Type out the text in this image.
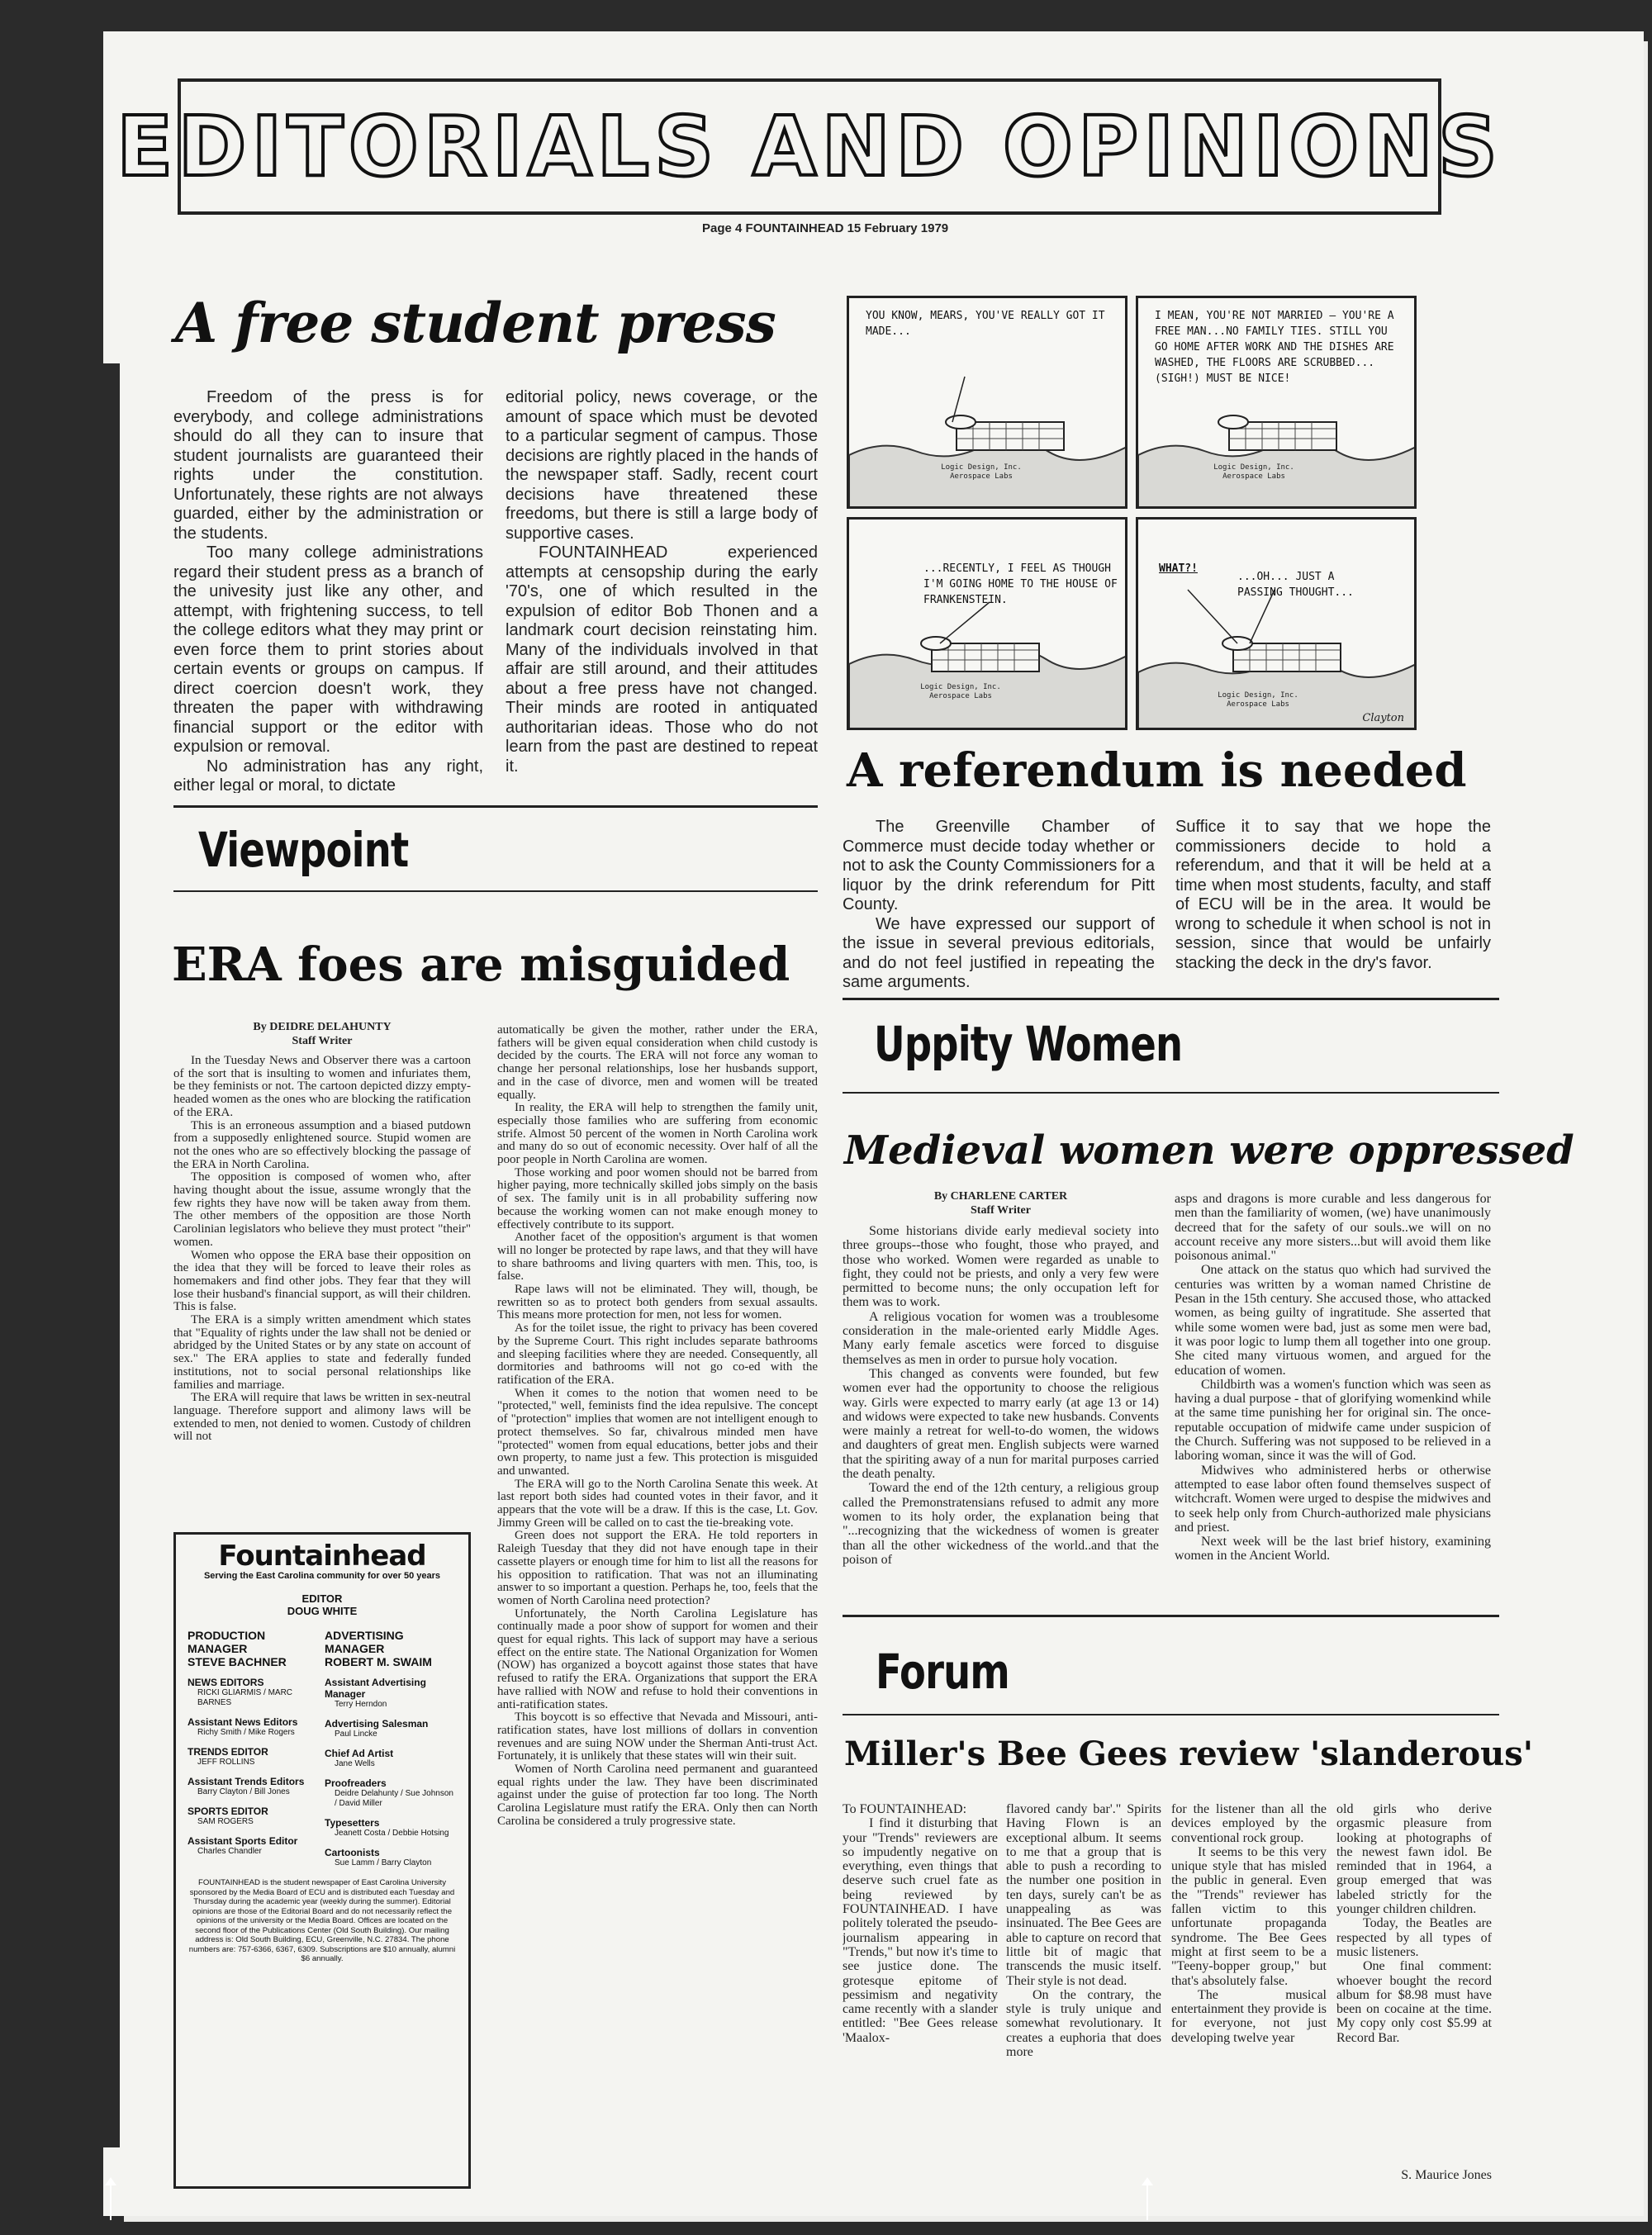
EDITORIALS AND OPINIONS
Page 4 FOUNTAINHEAD 15 February 1979
A free student press

Freedom of the press is for everybody, and college administrations should do all they can to insure that student journalists are guaranteed their rights under the constitution. Unfortunately, these rights are not always guarded, either by the administration or the students.

Too many college administrations regard their student press as a branch of the univesity just like any other, and attempt, with frightening success, to tell the college editors what they may print or even force them to print stories about certain events or groups on campus. If direct coercion doesn't work, they threaten the paper with withdrawing financial support or the editor with expulsion or removal.

No administration has any right, either legal or moral, to dictate

editorial policy, news coverage, or the amount of space which must be devoted to a particular segment of campus. Those decisions are rightly placed in the hands of the newspaper staff. Sadly, recent court decisions have threatened these freedoms, but there is still a large body of supportive cases.

FOUNTAINHEAD experienced attempts at censopship during the early '70's, one of which resulted in the expulsion of editor Bob Thonen and a landmark court decision reinstating him. Many of the individuals involved in that affair are still around, and their attitudes about a free press have not changed. Their minds are rooted in antiquated authoritarian ideas. Those who do not learn from the past are destined to repeat it.

YOU KNOW, MEARS, YOU'VE REALLY GOT IT MADE...
Logic Design, Inc. Aerospace Labs
I MEAN, YOU'RE NOT MARRIED — YOU'RE A FREE MAN...NO FAMILY TIES. STILL YOU GO HOME AFTER WORK AND THE DISHES ARE WASHED, THE FLOORS ARE SCRUBBED...(SIGH!) MUST BE NICE!
Logic Design, Inc. Aerospace Labs
...RECENTLY, I FEEL AS THOUGH I'M GOING HOME TO THE HOUSE OF FRANKENSTEIN.
Logic Design, Inc. Aerospace Labs
WHAT?!
...OH... JUST A PASSING THOUGHT...
Logic Design, Inc. Aerospace Labs
Clayton
A referendum is needed

The Greenville Chamber of Commerce must decide today whether or not to ask the County Commissioners for a liquor by the drink referendum for Pitt County.

We have expressed our support of the issue in several previous editorials, and do not feel justified in repeating the same arguments.

Suffice it to say that we hope the commissioners decide to hold a referendum, and that it will be held at a time when most students, faculty, and staff of ECU will be in the area. It would be wrong to schedule it when school is not in session, since that would be unfairly stacking the deck in the dry's favor.

Viewpoint
ERA foes are misguided
By DEIDRE DELAHUNTY
Staff Writer

In the Tuesday News and Observer there was a cartoon of the sort that is insulting to women and infuriates them, be they feminists or not. The cartoon depicted dizzy empty-headed women as the ones who are blocking the ratification of the ERA.

This is an erroneous assumption and a biased putdown from a supposedly enlightened source. Stupid women are not the ones who are so effectively blocking the passage of the ERA in North Carolina.

The opposition is composed of women who, after having thought about the issue, assume wrongly that the few rights they have now will be taken away from them. The other members of the opposition are those North Carolinian legislators who believe they must protect "their" women.

Women who oppose the ERA base their opposition on the idea that they will be forced to leave their roles as homemakers and find other jobs. They fear that they will lose their husband's financial support, as will their children. This is false.

The ERA is a simply written amendment which states that "Equality of rights under the law shall not be denied or abridged by the United States or by any state on account of sex." The ERA applies to state and federally funded institutions, not to social personal relationships like families and marriage.

The ERA will require that laws be written in sex-neutral language. Therefore support and alimony laws will be extended to men, not denied to women. Custody of children will not

automatically be given the mother, rather under the ERA, fathers will be given equal consideration when child custody is decided by the courts. The ERA will not force any woman to change her personal relationships, lose her husbands support, and in the case of divorce, men and women will be treated equally.

In reality, the ERA will help to strengthen the family unit, especially those families who are suffering from economic strife. Almost 50 percent of the women in North Carolina work and many do so out of economic necessity. Over half of all the poor people in North Carolina are women.

Those working and poor women should not be barred from higher paying, more technically skilled jobs simply on the basis of sex. The family unit is in all probability suffering now because the working women can not make enough money to effectively contribute to its support.

Another facet of the opposition's argument is that women will no longer be protected by rape laws, and that they will have to share bathrooms and living quarters with men. This, too, is false.

Rape laws will not be eliminated. They will, though, be rewritten so as to protect both genders from sexual assaults. This means more protection for men, not less for women.

As for the toilet issue, the right to privacy has been covered by the Supreme Court. This right includes separate bathrooms and sleeping facilities where they are needed. Consequently, all dormitories and bathrooms will not go co-ed with the ratification of the ERA.

When it comes to the notion that women need to be "protected," well, feminists find the idea repulsive. The concept of "protection" implies that women are not intelligent enough to protect themselves. So far, chivalrous minded men have "protected" women from equal educations, better jobs and their own property, to name just a few. This protection is misguided and unwanted.

The ERA will go to the North Carolina Senate this week. At last report both sides had counted votes in their favor, and it appears that the vote will be a draw. If this is the case, Lt. Gov. Jimmy Green will be called on to cast the tie-breaking vote.

Green does not support the ERA. He told reporters in Raleigh Tuesday that they did not have enough tape in their cassette players or enough time for him to list all the reasons for his opposition to ratification. That was not an illuminating answer to so important a question. Perhaps he, too, feels that the women of North Carolina need protection?

Unfortunately, the North Carolina Legislature has continually made a poor show of support for women and their quest for equal rights. This lack of support may have a serious effect on the entire state. The National Organization for Women (NOW) has organized a boycott against those states that have refused to ratify the ERA. Organizations that support the ERA have rallied with NOW and refuse to hold their conventions in anti-ratification states.

This boycott is so effective that Nevada and Missouri, anti-ratification states, have lost millions of dollars in convention revenues and are suing NOW under the Sherman Anti-trust Act. Fortunately, it is unlikely that these states will win their suit.

Women of North Carolina need permanent and guaranteed equal rights under the law. They have been discriminated against under the guise of protection far too long. The North Carolina Legislature must ratify the ERA. Only then can North Carolina be considered a truly progressive state.

Fountainhead
Serving the East Carolina community for over 50 years
EDITOR
DOUG WHITE
PRODUCTION MANAGER
STEVE BACHNER
NEWS EDITORS
RICKI GLIARMIS / MARC BARNES
Assistant News Editors
Richy Smith / Mike Rogers
TRENDS EDITOR
JEFF ROLLINS
Assistant Trends Editors
Barry Clayton / Bill Jones
SPORTS EDITOR
SAM ROGERS
Assistant Sports Editor
Charles Chandler
ADVERTISING MANAGER
ROBERT M. SWAIM
Assistant Advertising Manager
Terry Herndon
Advertising Salesman
Paul Lincke
Chief Ad Artist
Jane Wells
Proofreaders
Deidre Delahunty / Sue Johnson / David Miller
Typesetters
Jeanett Costa / Debbie Hotsing
Cartoonists
Sue Lamm / Barry Clayton
FOUNTAINHEAD is the student newspaper of East Carolina University sponsored by the Media Board of ECU and is distributed each Tuesday and Thursday during the academic year (weekly during the summer). Editorial opinions are those of the Editorial Board and do not necessarily reflect the opinions of the university or the Media Board. Offices are located on the second floor of the Publications Center (Old South Building). Our mailing address is: Old South Building, ECU, Greenville, N.C. 27834. The phone numbers are: 757-6366, 6367, 6309. Subscriptions are $10 annually, alumni $6 annually.
Uppity Women
Medieval women were oppressed
By CHARLENE CARTER
Staff Writer

Some historians divide early medieval society into three groups--those who fought, those who prayed, and those who worked. Women were regarded as unable to fight, they could not be priests, and only a very few were permitted to become nuns; the only occupation left for them was to work.

A religious vocation for women was a troublesome consideration in the male-oriented early Middle Ages. Many early female ascetics were forced to disguise themselves as men in order to pursue holy vocation.

This changed as convents were founded, but few women ever had the opportunity to choose the religious way. Girls were expected to marry early (at age 13 or 14) and widows were expected to take new husbands. Convents were mainly a retreat for well-to-do women, the widows and daughters of great men. English subjects were warned that the spiriting away of a nun for marital purposes carried the death penalty.

Toward the end of the 12th century, a religious group called the Premonstratensians refused to admit any more women to its holy order, the explanation being that "...recognizing that the wickedness of women is greater than all the other wickedness of the world..and that the poison of

asps and dragons is more curable and less dangerous for men than the familiarity of women, (we) have unanimously decreed that for the safety of our souls..we will on no account receive any more sisters...but will avoid them like poisonous animal."

One attack on the status quo which had survived the centuries was written by a woman named Christine de Pesan in the 15th century. She accused those, who attacked women, as being guilty of ingratitude. She asserted that while some women were bad, just as some men were bad, it was poor logic to lump them all together into one group. She cited many virtuous women, and argued for the education of women.

Childbirth was a women's function which was seen as having a dual purpose - that of glorifying womenkind while at the same time punishing her for original sin. The once-reputable occupation of midwife came under suspicion of the Church. Suffering was not supposed to be relieved in a laboring woman, since it was the will of God.

Midwives who administered herbs or otherwise attempted to ease labor often found themselves suspect of witchcraft. Women were urged to despise the midwives and to seek help only from Church-authorized male physicians and priest.

Next week will be the last brief history, examining women in the Ancient World.

Forum
Miller's Bee Gees review 'slanderous'

To FOUNTAINHEAD:

I find it disturbing that your "Trends" reviewers are so impudently negative on everything, even things that deserve such cruel fate as being reviewed by FOUNTAINHEAD. I have politely tolerated the pseudo-journalism appearing in "Trends," but now it's time to see justice done. The grotesque epitome of pessimism and negativity came recently with a slander entitled: "Bee Gees release 'Maalox-

flavored candy bar'." Spirits Having Flown is an exceptional album. It seems to me that a group that is able to push a recording to the number one position in ten days, surely can't be as unappealing as was insinuated. The Bee Gees are able to capture on record that little bit of magic that transcends the music itself. Their style is not dead.

On the contrary, the style is truly unique and somewhat revolutionary. It creates a euphoria that does more

for the listener than all the devices employed by the conventional rock group.

It seems to be this very unique style that has misled the public in general. Even the "Trends" reviewer has fallen victim to this unfortunate propaganda syndrome. The Bee Gees might at first seem to be a "Teeny-bopper group," but that's absolutely false.

The musical entertainment they provide is for everyone, not just developing twelve year

old girls who derive orgasmic pleasure from looking at photographs of the newest fawn idol. Be reminded that in 1964, a group emerged that was labeled strictly for the younger children children.

Today, the Beatles are respected by all types of music listeners.

One final comment: whoever bought the record album for $8.98 must have been on cocaine at the time. My copy only cost $5.99 at Record Bar.

S. Maurice Jones
